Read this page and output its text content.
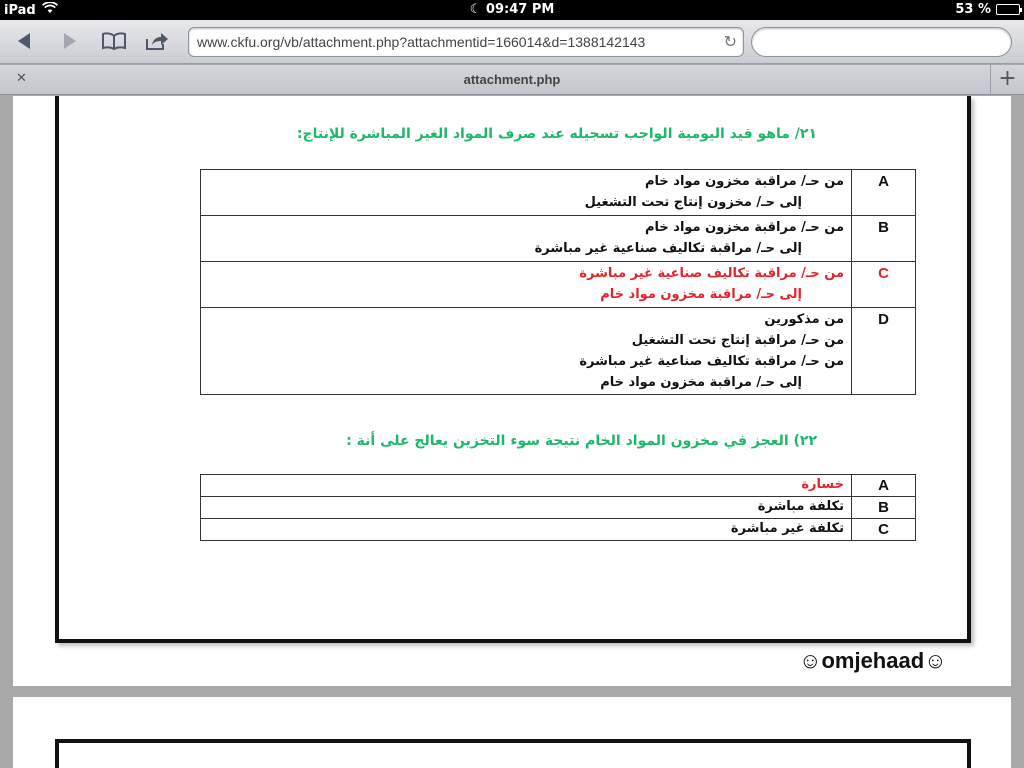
iPad	☾ 09:47 PM	53 %
www.ckfu.org/vb/attachment.php?attachmentid=166014&d=1388142143	↻
✕	attachment.php	+
٢١/ ماهو قيد اليومية الواجب تسجيله عند صرف المواد الغير المباشرة للإنتاج:
من حـ/ مراقبة مخزون مواد خام
إلى حـ/ مخزون إنتاج تحت التشغيل	A

من حـ/ مراقبة مخزون مواد خام
إلى حـ/ مراقبة تكاليف صناعية غير مباشرة	B

من حـ/ مراقبة تكاليف صناعية غير مباشرة
إلى حـ/ مراقبة مخزون مواد خام	C

من مذكورين
من حـ/ مراقبة إنتاج تحت التشغيل
من حـ/ مراقبة تكاليف صناعية غير مباشرة
إلى حـ/ مراقبة مخزون مواد خام	D
٢٢) العجز في مخزون المواد الخام نتيجة سوء التخزين يعالج على أنة :
خسارة	A
تكلفة مباشرة	B
تكلفة غير مباشرة	C
☺omjehaad☺
